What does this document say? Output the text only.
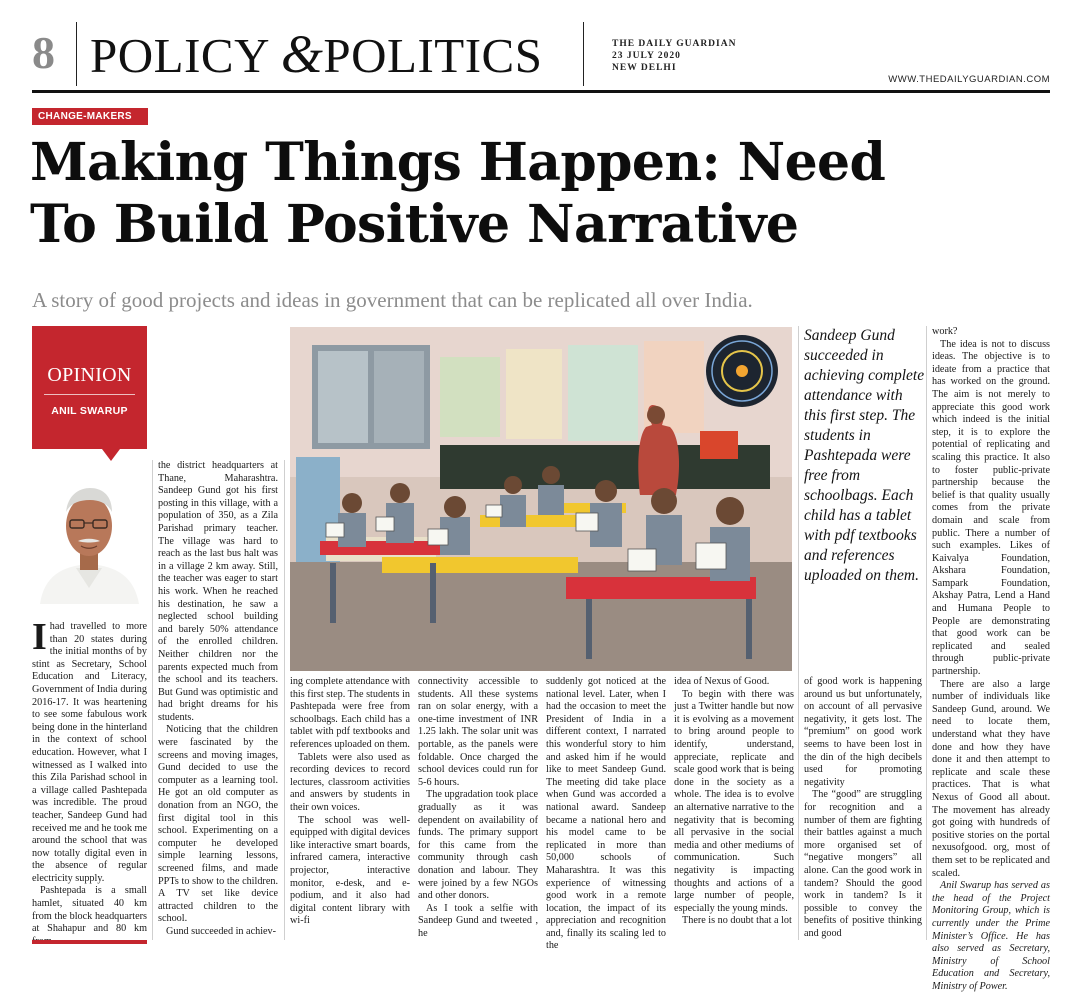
8 POLICY &POLITICS	THE DAILY GUARDIAN
23 JULY 2020
NEW DELHI
WWW.THEDAILYGUARDIAN.COM
CHANGE-MAKERS
Making Things Happen: Need
To Build Positive Narrative
A story of good projects and ideas in government that can be replicated all over India.
OPINION
ANIL SWARUP
Sandeep Gund succeeded in achieving complete attendance with this first step. The students in Pashtepada were free from schoolbags. Each child has a tablet with pdf textbooks and references uploaded on them.

Ihad travelled to more than 20 states during the initial months of by stint as Secretary, School Education and Literacy, Government of India during 2016-17. It was heartening to see some fabulous work being done in the hinterland in the context of school education. However, what I witnessed as I walked into this Zila Parishad school in a village called Pashtepada was incredible. The proud teacher, Sandeep Gund had received me and he took me around the school that was now totally digital even in the absence of regular electricity supply.

Pashtepada is a small hamlet, situated 40 km from the block headquarters at Shahapur and 80 km

the district headquarters at Thane, Maharashtra. Sandeep Gund got his first posting in this village, with a population of 350, as a Zila Parishad primary teacher. The village was hard to reach as the last bus halt was in a village 2 km away. Still, the teacher was eager to start his work. When he reached his destination, he saw a neglected school building and barely 50% attendance of the enrolled children. Neither children nor the parents expected much from the school and its teachers. But Gund was optimistic and had bright dreams for his students.

Noticing that the children were fascinated by the screens and moving images, Gund decided to use the computer as a learning tool. He got an old computer as donation from an NGO, the first digital tool in this school. Experimenting on a computer he developed simple learning lessons, screened films, and made PPTs to show to the children. A TV set like device attracted children to the school.

Gund succeeded in achiev-

ing complete attendance with this first step. The students in Pashtepada were free from schoolbags. Each child has a tablet with pdf textbooks and references uploaded on them.

Tablets were also used as recording devices to record lectures, classroom activities and answers by students in their own voices.

The school was well-equipped with digital devices like interactive smart boards, infrared camera, interactive projector, interactive monitor, e-desk, and e-podium, and it also had digital content library with wi-fi

connectivity accessible to students. All these systems ran on solar energy, with a one-time investment of INR 1.25 lakh. The solar unit was portable, as the panels were foldable. Once charged the school devices could run for 5-6 hours.

The upgradation took place gradually as it was dependent on availability of funds. The primary support for this came from the community through cash donation and labour. They were joined by a few NGOs and other donors.

As I took a selfie with Sandeep Gund and tweeted , he

suddenly got noticed at the national level. Later, when I had the occasion to meet the President of India in a different context, I narrated this wonderful story to him and asked him if he would like to meet Sandeep Gund. The meeting did take place when Gund was accorded a national award. Sandeep became a national hero and his model came to be replicated in more than 50,000 schools of Maharashtra. It was this experience of witnessing good work in a remote location, the impact of its appreciation and recognition and, finally its scaling led to the

idea of Nexus of Good.

To begin with there was just a Twitter handle but now it is evolving as a movement to bring around people to identify, understand, appreciate, replicate and scale good work that is being done in the society as a whole. The idea is to evolve an alternative narrative to the negativity that is becoming all pervasive in the social media and other mediums of communication. Such negativity is impacting thoughts and actions of a large number of people, especially the young minds.

There is no doubt that a lot

of good work is happening around us but unfortunately, on account of all pervasive negativity, it gets lost. The “premium” on good work seems to have been lost in the din of the high decibels used for promoting negativity

The “good” are struggling for recognition and a number of them are fighting their battles against a much more organised set of “negative mongers” all alone. Can the good work in tandem? Should the good work in tandem? Is it possible to convey the benefits of positive thinking and good

work?

The idea is not to discuss ideas. The objective is to ideate from a practice that has worked on the ground. The aim is not merely to appreciate this good work which indeed is the initial step, it is to explore the potential of replicating and scaling this practice. It also to foster public-private partnership because the belief is that quality usually comes from the private domain and scale from public. There a number of such examples. Likes of Kaivalya Foundation, Akshara Foundation, Sampark Foundation, Akshay Patra, Lend a Hand and Humana People to People are demonstrating that good work can be replicated and sealed through public-private partnership.

There are also a large number of individuals like Sandeep Gund, around. We need to locate them, understand what they have done and how they have done it and then attempt to replicate and scale these practices. That is what Nexus of Good all about. The movement has already got going with hundreds of positive stories on the portal nexusofgood. org, most of them set to be replicated and scaled.

Anil Swarup has served as the head of the Project Monitoring Group, which is currently under the Prime Minister’s Office. He has also served as Secretary, Ministry of School Education and Secretary, Ministry of Power.
